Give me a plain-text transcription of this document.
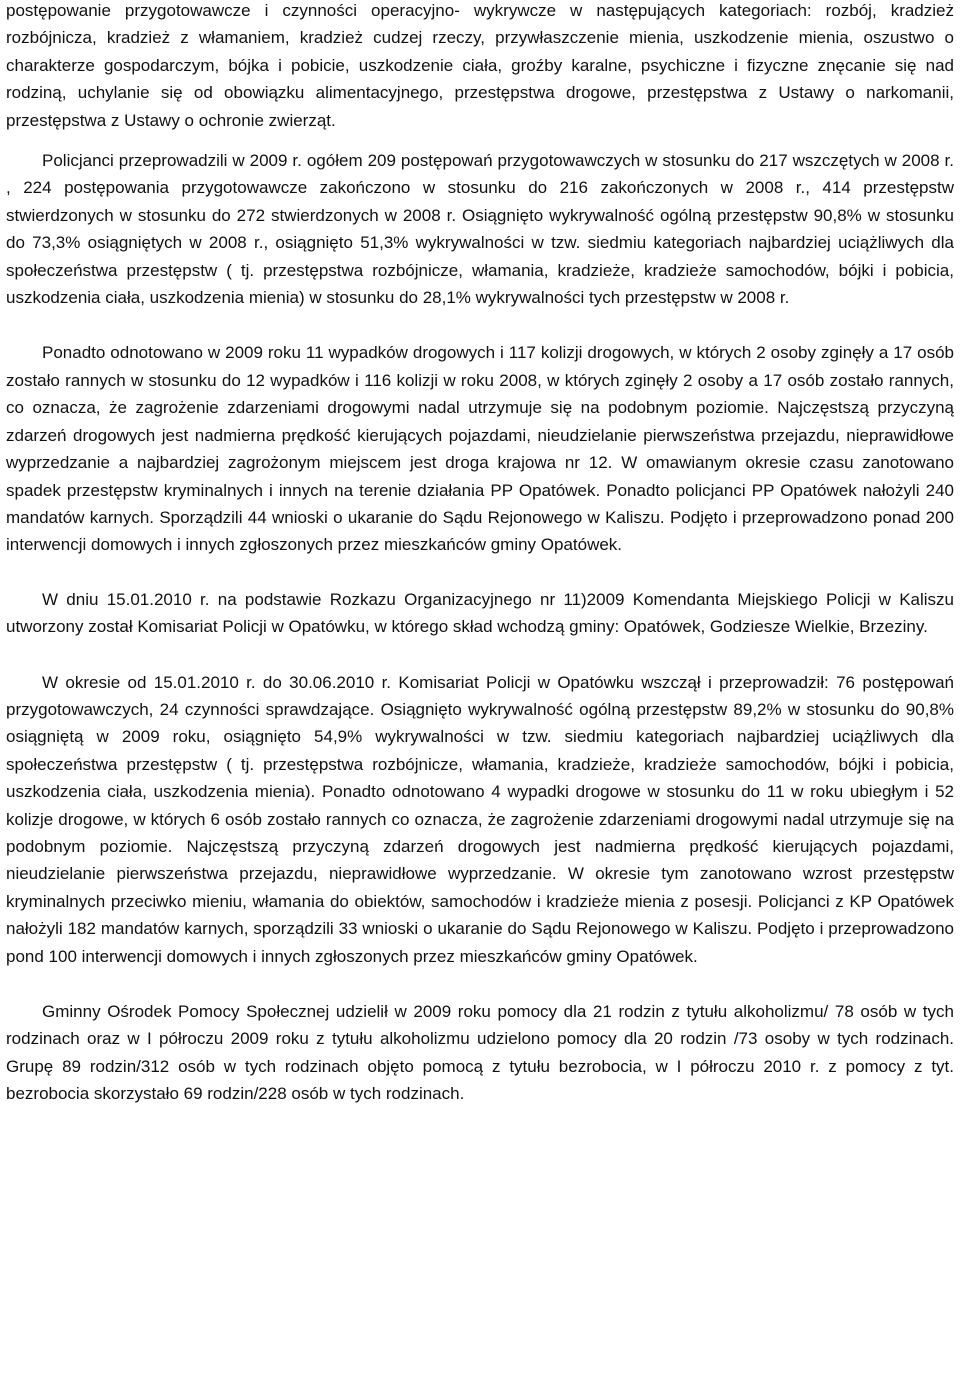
postępowanie przygotowawcze i czynności operacyjno- wykrywcze w następujących kategoriach: rozbój, kradzież rozbójnicza, kradzież z włamaniem, kradzież cudzej rzeczy, przywłaszczenie mienia, uszkodzenie mienia, oszustwo o charakterze gospodarczym, bójka i pobicie, uszkodzenie ciała, groźby karalne, psychiczne i fizyczne znęcanie się nad rodziną, uchylanie się od obowiązku alimentacyjnego, przestępstwa drogowe, przestępstwa z Ustawy o narkomanii, przestępstwa z Ustawy o ochronie zwierząt.

Policjanci przeprowadzili w 2009 r. ogółem 209 postępowań przygotowawczych w stosunku do 217 wszczętych w 2008 r. , 224 postępowania przygotowawcze zakończono w stosunku do 216 zakończonych w 2008 r., 414 przestępstw stwierdzonych w stosunku do 272 stwierdzonych w 2008 r. Osiągnięto wykrywalność ogólną przestępstw 90,8% w stosunku do 73,3% osiągniętych w 2008 r., osiągnięto 51,3% wykrywalności w tzw. siedmiu kategoriach najbardziej uciążliwych dla społeczeństwa przestępstw ( tj. przestępstwa rozbójnicze, włamania, kradzieże, kradzieże samochodów, bójki i pobicia, uszkodzenia ciała, uszkodzenia mienia) w stosunku do 28,1% wykrywalności tych przestępstw w 2008 r.

Ponadto odnotowano w 2009 roku 11 wypadków drogowych i 117 kolizji drogowych, w których 2 osoby zginęły a 17 osób zostało rannych w stosunku do 12 wypadków i 116 kolizji w roku 2008, w których zginęły 2 osoby a 17 osób zostało rannych, co oznacza, że zagrożenie zdarzeniami drogowymi nadal utrzymuje się na podobnym poziomie. Najczęstszą przyczyną zdarzeń drogowych jest nadmierna prędkość kierujących pojazdami, nieudzielanie pierwszeństwa przejazdu, nieprawidłowe wyprzedzanie a najbardziej zagrożonym miejscem jest droga krajowa nr 12. W omawianym okresie czasu zanotowano spadek przestępstw kryminalnych i innych na terenie działania PP Opatówek. Ponadto policjanci PP Opatówek nałożyli 240 mandatów karnych. Sporządzili 44 wnioski o ukaranie do Sądu Rejonowego w Kaliszu. Podjęto i przeprowadzono ponad 200 interwencji domowych i innych zgłoszonych przez mieszkańców gminy Opatówek.

W dniu 15.01.2010 r. na podstawie Rozkazu Organizacyjnego nr 11)2009 Komendanta Miejskiego Policji w Kaliszu utworzony został Komisariat Policji w Opatówku, w którego skład wchodzą gminy: Opatówek, Godziesze Wielkie, Brzeziny.

W okresie od 15.01.2010 r. do 30.06.2010 r. Komisariat Policji w Opatówku wszczął i przeprowadził: 76 postępowań przygotowawczych, 24 czynności sprawdzające. Osiągnięto wykrywalność ogólną przestępstw 89,2% w stosunku do 90,8% osiągniętą w 2009 roku, osiągnięto 54,9% wykrywalności w tzw. siedmiu kategoriach najbardziej uciążliwych dla społeczeństwa przestępstw ( tj. przestępstwa rozbójnicze, włamania, kradzieże, kradzieże samochodów, bójki i pobicia, uszkodzenia ciała, uszkodzenia mienia). Ponadto odnotowano 4 wypadki drogowe w stosunku do 11 w roku ubiegłym i 52 kolizje drogowe, w których 6 osób zostało rannych co oznacza, że zagrożenie zdarzeniami drogowymi nadal utrzymuje się na podobnym poziomie. Najczęstszą przyczyną zdarzeń drogowych jest nadmierna prędkość kierujących pojazdami, nieudzielanie pierwszeństwa przejazdu, nieprawidłowe wyprzedzanie. W okresie tym zanotowano wzrost przestępstw kryminalnych przeciwko mieniu, włamania do obiektów, samochodów i kradzieże mienia z posesji. Policjanci z KP Opatówek nałożyli 182 mandatów karnych, sporządzili 33 wnioski o ukaranie do Sądu Rejonowego w Kaliszu. Podjęto i przeprowadzono pond 100 interwencji domowych i innych zgłoszonych przez mieszkańców gminy Opatówek.

Gminny Ośrodek Pomocy Społecznej udzielił w 2009 roku pomocy dla 21 rodzin z tytułu alkoholizmu/ 78 osób w tych rodzinach oraz w I półroczu 2009 roku z tytułu alkoholizmu udzielono pomocy dla 20 rodzin /73 osoby w tych rodzinach. Grupę 89 rodzin/312 osób w tych rodzinach objęto pomocą z tytułu bezrobocia, w I półroczu 2010 r. z pomocy z tyt. bezrobocia skorzystało 69 rodzin/228 osób w tych rodzinach.
